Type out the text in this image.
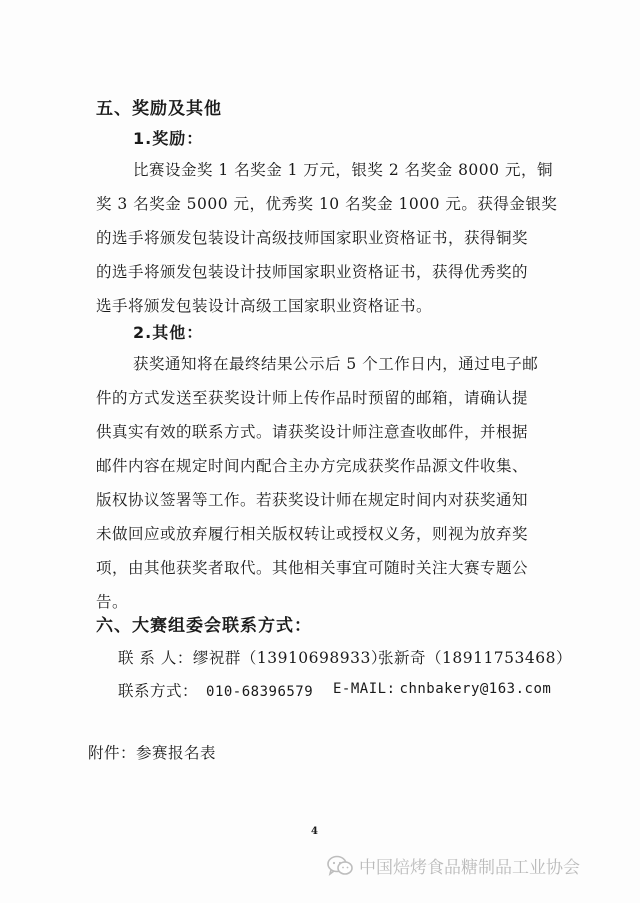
五、奖励及其他
1.奖励：
比赛设金奖 1 名奖金 1 万元，银奖 2 名奖金 8000 元，铜
奖 3 名奖金 5000 元，优秀奖 10 名奖金 1000 元。获得金银奖
的选手将颁发包装设计高级技师国家职业资格证书，获得铜奖
的选手将颁发包装设计技师国家职业资格证书，获得优秀奖的
选手将颁发包装设计高级工国家职业资格证书。
2.其他：
获奖通知将在最终结果公示后 5 个工作日内，通过电子邮
件的方式发送至获奖设计师上传作品时预留的邮箱，请确认提
供真实有效的联系方式。请获奖设计师注意查收邮件，并根据
邮件内容在规定时间内配合主办方完成获奖作品源文件收集、
版权协议签署等工作。若获奖设计师在规定时间内对获奖通知
未做回应或放弃履行相关版权转让或授权义务，则视为放弃奖
项，由其他获奖者取代。其他相关事宜可随时关注大赛专题公
告。
六、大赛组委会联系方式：
联 系 人：缪祝群（13910698933）
张新奇（18911753468）
联系方式： 010-68396579 E-MAIL: chnbakery@163.com
附件：参赛报名表
4
中国焙烤食品糖制品工业协会
